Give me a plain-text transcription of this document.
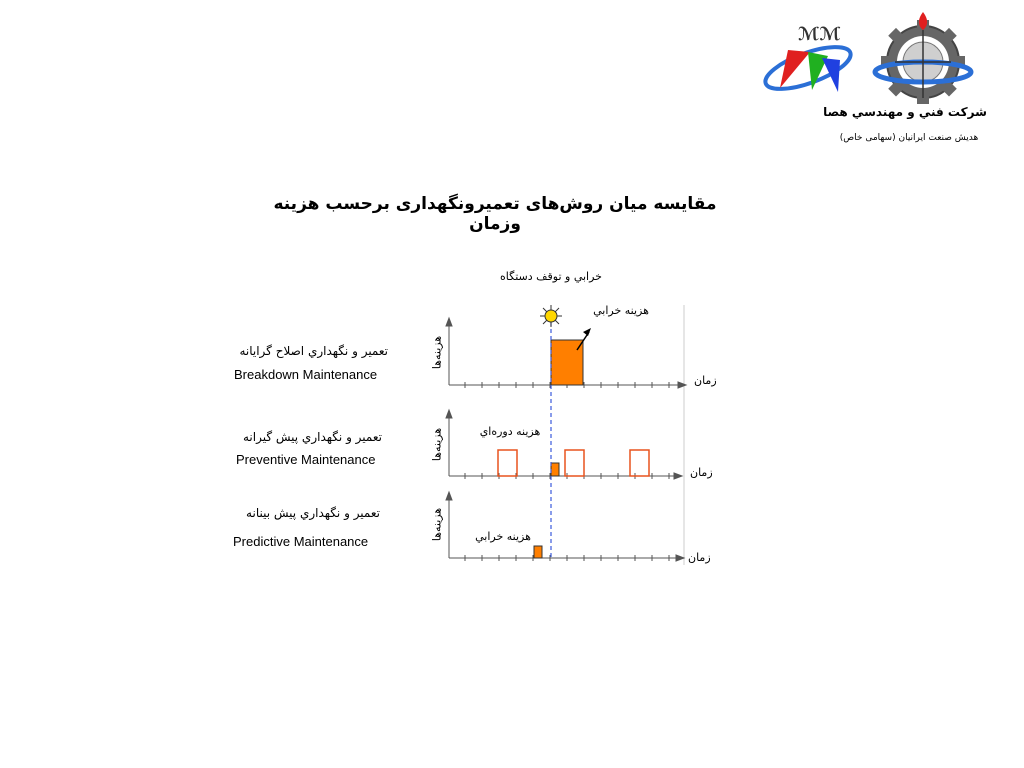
ℳℳ
شرکت فني و مهندسي هصا
هدیش صنعت ایرانیان (سهامی خاص)
مقايسه ميان روش‌های تعمیرونگهداری برحسب هزینه وزمان
تعمير و نگهداري اصلاح گرايانه
Breakdown Maintenance
تعمير و نگهداري پيش گيرانه
Preventive Maintenance
تعمير و نگهداري پيش بينانه
Predictive Maintenance
خرابي و توقف دستگاه
هزینه خرابي
هزینه دوره‌اي
هزینه خرابي
زمان
زمان
زمان
هزینه‌ها
هزینه‌ها
هزینه‌ها
